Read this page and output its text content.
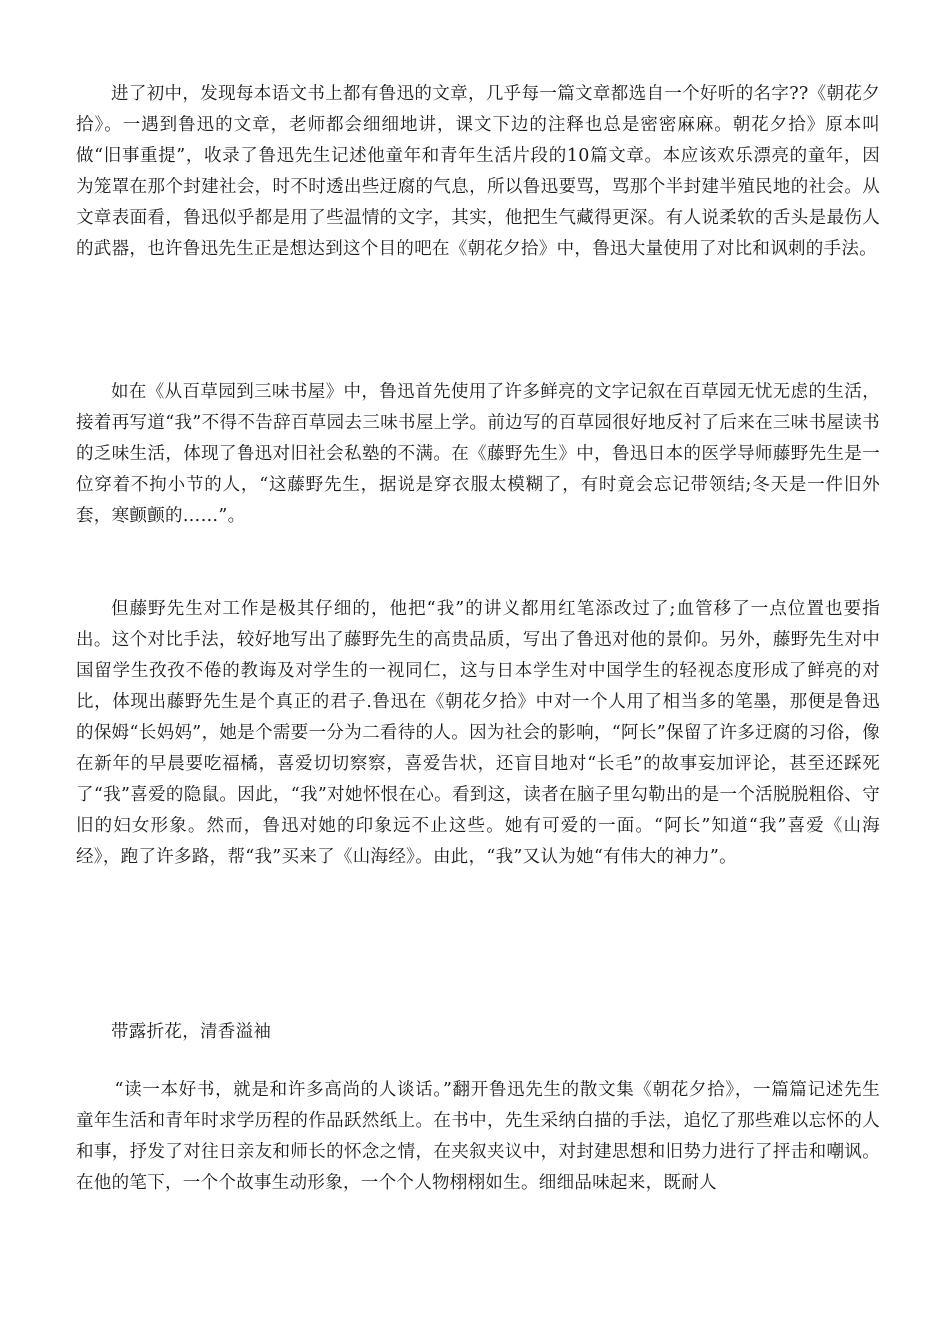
进了初中，发现每本语文书上都有鲁迅的文章，几乎每一篇文章都选自一个好听的名字??《朝花夕拾》。一遇到鲁迅的文章，老师都会细细地讲，课文下边的注释也总是密密麻麻。朝花夕拾》原本叫做“旧事重提”，收录了鲁迅先生记述他童年和青年生活片段的10篇文章。本应该欢乐漂亮的童年，因为笼罩在那个封建社会，时不时透出些迂腐的气息，所以鲁迅要骂，骂那个半封建半殖民地的社会。从文章表面看，鲁迅似乎都是用了些温情的文字，其实，他把生气藏得更深。有人说柔软的舌头是最伤人的武器，也许鲁迅先生正是想达到这个目的吧在《朝花夕拾》中，鲁迅大量使用了对比和讽刺的手法。

如在《从百草园到三味书屋》中，鲁迅首先使用了许多鲜亮的文字记叙在百草园无忧无虑的生活，接着再写道“我”不得不告辞百草园去三味书屋上学。前边写的百草园很好地反衬了后来在三味书屋读书的乏味生活，体现了鲁迅对旧社会私塾的不满。在《藤野先生》中，鲁迅日本的医学导师藤野先生是一位穿着不拘小节的人，“这藤野先生，据说是穿衣服太模糊了，有时竟会忘记带领结;冬天是一件旧外套，寒颤颤的……”。

但藤野先生对工作是极其仔细的，他把“我”的讲义都用红笔添改过了;血管移了一点位置也要指出。这个对比手法，较好地写出了藤野先生的高贵品质，写出了鲁迅对他的景仰。另外，藤野先生对中国留学生孜孜不倦的教诲及对学生的一视同仁，这与日本学生对中国学生的轻视态度形成了鲜亮的对比，体现出藤野先生是个真正的君子.鲁迅在《朝花夕拾》中对一个人用了相当多的笔墨，那便是鲁迅的保姆“长妈妈”，她是个需要一分为二看待的人。因为社会的影响，“阿长”保留了许多迂腐的习俗，像在新年的早晨要吃福橘，喜爱切切察察，喜爱告状，还盲目地对“长毛”的故事妄加评论，甚至还踩死了“我”喜爱的隐鼠。因此，“我”对她怀恨在心。看到这，读者在脑子里勾勒出的是一个活脱脱粗俗、守旧的妇女形象。然而，鲁迅对她的印象远不止这些。她有可爱的一面。“阿长”知道“我”喜爱《山海经》，跑了许多路，帮“我”买来了《山海经》。由此，“我”又认为她“有伟大的神力”。

带露折花，清香溢袖

“读一本好书，就是和许多高尚的人谈话。”翻开鲁迅先生的散文集《朝花夕拾》，一篇篇记述先生童年生活和青年时求学历程的作品跃然纸上。在书中，先生采纳白描的手法，追忆了那些难以忘怀的人和事，抒发了对往日亲友和师长的怀念之情，在夹叙夹议中，对封建思想和旧势力进行了抨击和嘲讽。在他的笔下，一个个故事生动形象，一个个人物栩栩如生。细细品味起来，既耐人
